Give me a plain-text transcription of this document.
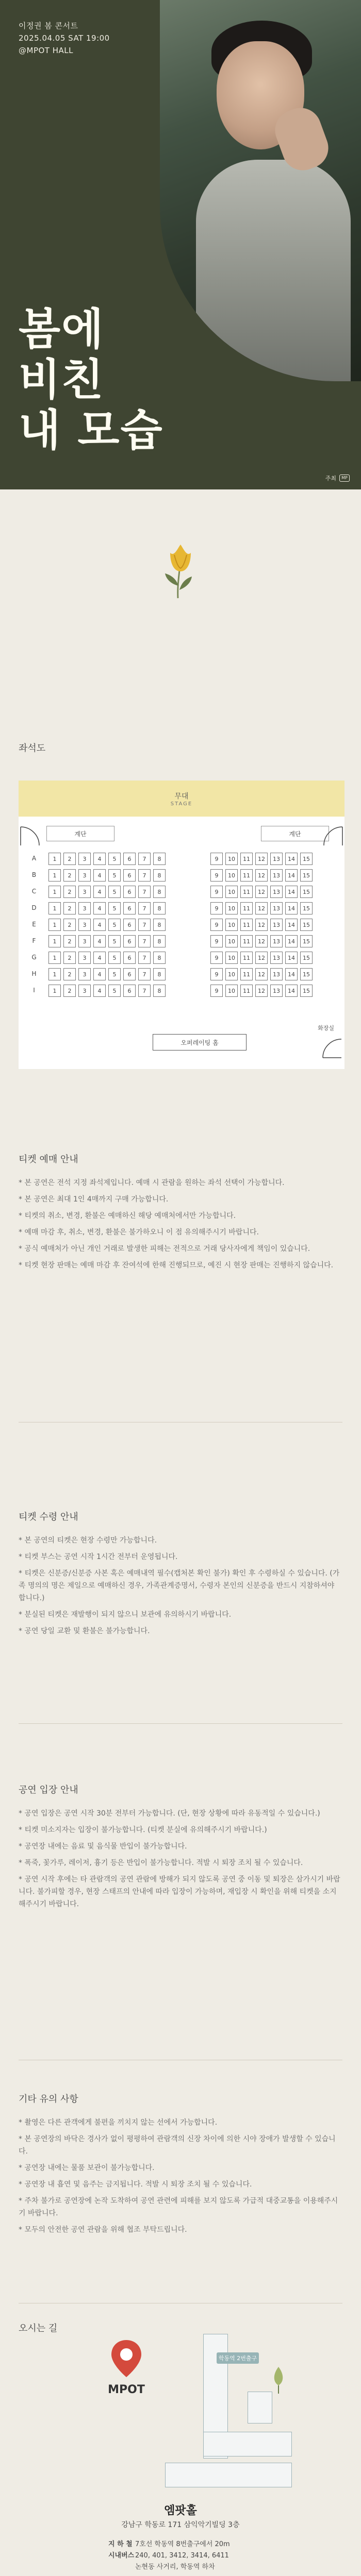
이정권 봄 콘서트
2025.04.05 SAT 19:00
@MPOT HALL
봄에
비친
내 모습
주최	MP
좌석도
무대
STAGE
계단	계단
오퍼레이팅 홈
화장실
A	1	2	3	4	5	6	7	8	9	10	11	12	13	14	15
B	1	2	3	4	5	6	7	8	9	10	11	12	13	14	15
C	1	2	3	4	5	6	7	8	9	10	11	12	13	14	15
D	1	2	3	4	5	6	7	8	9	10	11	12	13	14	15
E	1	2	3	4	5	6	7	8	9	10	11	12	13	14	15
F	1	2	3	4	5	6	7	8	9	10	11	12	13	14	15
G	1	2	3	4	5	6	7	8	9	10	11	12	13	14	15
H	1	2	3	4	5	6	7	8	9	10	11	12	13	14	15
I	1	2	3	4	5	6	7	8	9	10	11	12	13	14	15
티켓 예매 안내
* 본 공연은 전석 지정 좌석제입니다. 예매 시 관람을 원하는 좌석 선택이 가능합니다.
* 본 공연은 최대 1인 4매까지 구매 가능합니다.
* 티켓의 취소, 변경, 환불은 예매하신 해당 예매처에서만 가능합니다.
* 예매 마감 후, 취소, 변경, 환불은 불가하오니 이 점 유의해주시기 바랍니다.
* 공식 예매처가 아닌 개인 거래로 발생한 피해는 전적으로 거래 당사자에게 책임이 있습니다.
* 티켓 현장 판매는 예매 마감 후 잔여석에 한해 진행되므로, 예진 시 현장 판매는 진행하지 않습니다.
티켓 수령 안내
* 본 공연의 티켓은 현장 수령만 가능합니다.
* 티켓 부스는 공연 시작 1시간 전부터 운영됩니다.
* 티켓은 신분증/신분증 사본 혹은 예매내역 필수(캡처본 확인 불가) 확인 후 수령하실 수 있습니다. (가족 명의의 명은 제일으로 예매하신 경우, 가족관계증명서, 수령자 본인의 신분증을 반드시 지참하셔야 합니다.)
* 분실된 티켓은 재발행이 되지 않으니 보관에 유의하시기 바랍니다.
* 공연 당일 교환 및 환불은 불가능합니다.
공연 입장 안내
* 공연 입장은 공연 시작 30분 전부터 가능합니다. (단, 현장 상황에 따라 유동적일 수 있습니다.)
* 티켓 미소지자는 입장이 불가능합니다. (티켓 분실에 유의해주시기 바랍니다.)
* 공연장 내에는 음료 및 음식물 반입이 불가능합니다.
* 폭죽, 꽃가루, 레이저, 흉기 등은 반입이 불가능합니다. 적발 시 퇴장 조치 될 수 있습니다.
* 공연 시작 후에는 타 관람객의 공연 관람에 방해가 되지 않도록 공연 중 이동 및 퇴장은 삼가시기 바랍니다. 불가피할 경우, 현장 스태프의 안내에 따라 입장이 가능하며, 재입장 시 확인을 위해 티켓을 소지해주시기 바랍니다.
기타 유의 사항
* 촬영은 다른 관객에게 불편을 끼치지 않는 선에서 가능합니다.
* 본 공연장의 바닥은 경사가 없이 평평하여 관람객의 신장 차이에 의한 시야 장애가 발생할 수 있습니다.
* 공연장 내에는 물품 보관이 불가능합니다.
* 공연장 내 흡연 및 음주는 금지됩니다. 적발 시 퇴장 조치 될 수 있습니다.
* 주차 불가로 공연장에 논작 도착하여 공연 관련에 피해를 보지 않도록 가급적 대중교통을 이용해주시기 바랍니다.
* 모두의 안전한 공연 관람을 위해 협조 부탁드립니다.
오시는 길
MPOT
학동역 2번출구
엠팟홀
강남구 학동로 171 삼익악기빌딩 3층
지 하 철 7호선 학동역 8번출구에서 20m
시내버스 240, 401, 3412, 3414, 6411
논현동 사거리, 학동역 하차
